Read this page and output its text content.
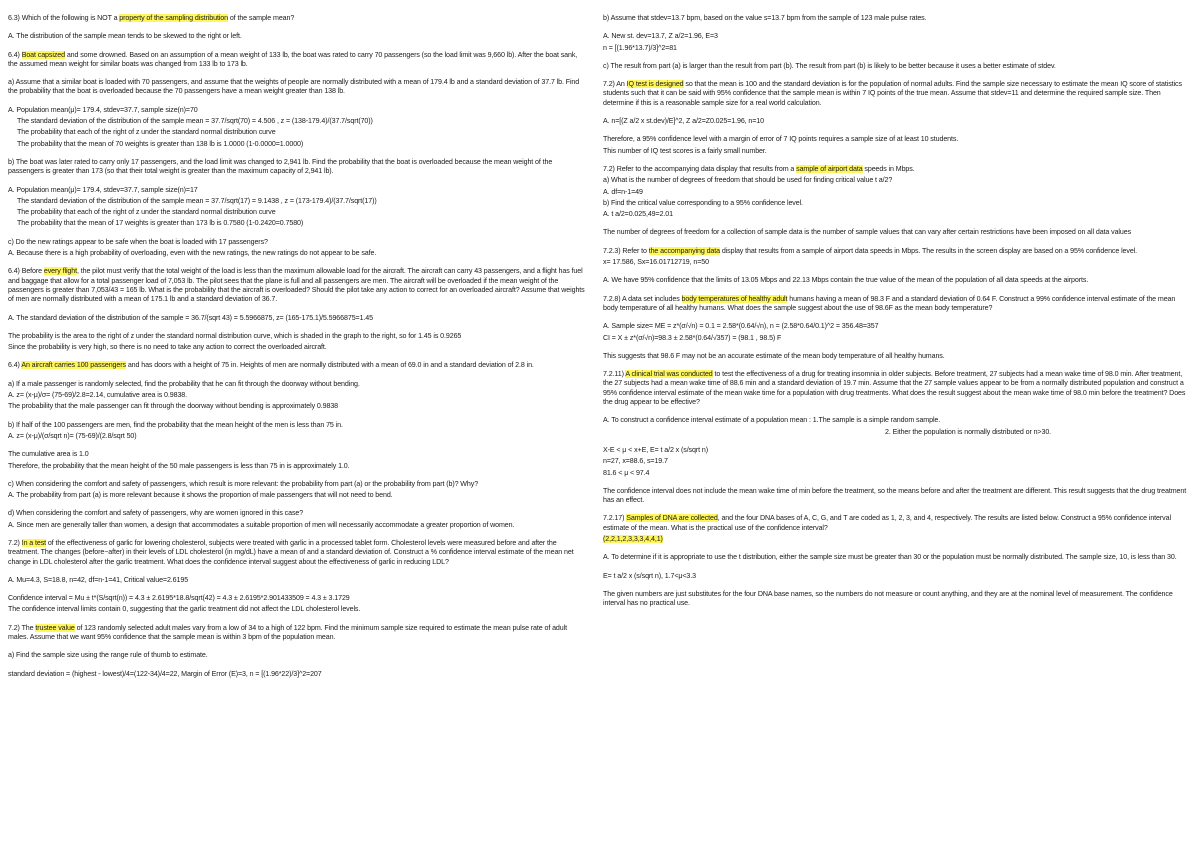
6.3) Which of the following is NOT a property of the sampling distribution of the sample mean?

A. The distribution of the sample mean tends to be skewed to the right or left.

6.4) Boat capsized and some drowned. Based on an assumption of a mean weight of 133 lb, the boat was rated to carry 70 passengers (so the load limit was 9,660 lb). After the boat sank, the assumed mean weight for similar boats was changed from 133 lb to 173 lb.

a) Assume that a similar boat is loaded with 70 passengers, and assume that the weights of people are normally distributed with a mean of 179.4 lb and a standard deviation of 37.7 lb. Find the probability that the boat is overloaded because the 70 passengers have a mean weight greater than 138 lb.

A. Population mean(μ)= 179.4, stdev=37.7, sample size(n)=70

The standard deviation of the distribution of the sample mean = 37.7/sqrt(70) = 4.506 , z = (138-179.4)/(37.7/sqrt(70))

The probability that each of the right of z under the standard normal distribution curve

The probability that the mean of 70 weights is greater than 138 lb is 1.0000 (1-0.0000=1.0000)

b) The boat was later rated to carry only 17 passengers, and the load limit was changed to 2,941 lb. Find the probability that the boat is overloaded because the mean weight of the passengers is greater than 173 (so that their total weight is greater than the maximum capacity of 2,941 lb).

A. Population mean(μ)= 179.4, stdev=37.7, sample size(n)=17

The standard deviation of the distribution of the sample mean = 37.7/sqrt(17) = 9.1438 , z = (173-179.4)/(37.7/sqrt(17))

The probability that each of the right of z under the standard normal distribution curve

The probability that the mean of 17 weights is greater than 173 lb is 0.7580 (1-0.2420=0.7580)

c) Do the new ratings appear to be safe when the boat is loaded with 17 passengers?

A. Because there is a high probability of overloading, even with the new ratings, the new ratings do not appear to be safe.

6.4) Before every flight, the pilot must verify that the total weight of the load is less than the maximum allowable load for the aircraft. The aircraft can carry 43 passengers, and a flight has fuel and baggage that allow for a total passenger load of 7,053 lb. The pilot sees that the plane is full and all passengers are men. The aircraft will be overloaded if the mean weight of the passengers is greater than 7,053/43 = 165 lb. What is the probability that the aircraft is overloaded? Should the pilot take any action to correct for an overloaded aircraft? Assume that weights of men are normally distributed with a mean of 175.1 lb and a standard deviation of 36.7.

A. The standard deviation of the distribution of the sample = 36.7/(sqrt 43) = 5.5966875, z= (165-175.1)/5.5966875=1.45

The probability is the area to the right of z under the standard normal distribution curve, which is shaded in the graph to the right, so for 1.45 is 0.9265

Since the probability is very high, so there is no need to take any action to correct the overloaded aircraft.

6.4) An aircraft carries 100 passengers and has doors with a height of 75 in. Heights of men are normally distributed with a mean of 69.0 in and a standard deviation of 2.8 in.

a) If a male passenger is randomly selected, find the probability that he can fit through the doorway without bending.

A. z= (x-μ)/σ= (75-69)/2.8=2.14, cumulative area is 0.9838.

The probability that the male passenger can fit through the doorway without bending is approximately 0.9838

b) If half of the 100 passengers are men, find the probability that the mean height of the men is less than 75 in.

A. z= (x-μ)/(σ/sqrt n)= (75-69)/(2.8/sqrt 50)

The cumulative area is 1.0

Therefore, the probability that the mean height of the 50 male passengers is less than 75 in is approximately 1.0.

c) When considering the comfort and safety of passengers, which result is more relevant: the probability from part (a) or the probability from part (b)? Why?

A. The probability from part (a) is more relevant because it shows the proportion of male passengers that will not need to bend.

d) When considering the comfort and safety of passengers, why are women ignored in this case?

A. Since men are generally taller than women, a design that accommodates a suitable proportion of men will necessarily accommodate a greater proportion of women.

7.2) In a test of the effectiveness of garlic for lowering cholesterol, subjects were treated with garlic in a processed tablet form. Cholesterol levels were measured before and after the treatment. The changes (before−after) in their levels of LDL cholesterol (in mg/dL) have a mean of and a standard deviation of. Construct a % confidence interval estimate of the mean net change in LDL cholesterol after the garlic treatment. What does the confidence interval suggest about the effectiveness of garlic in reducing LDL?

A. Mu=4.3, S=18.8, n=42, df=n-1=41, Critical value=2.6195

Confidence interval = Mu ± t*(S/sqrt(n)) = 4.3 ± 2.6195*18.8/sqrt(42) = 4.3 ± 2.6195*2.901433509 = 4.3 ± 3.1729

The confidence interval limits contain 0, suggesting that the garlic treatment did not affect the LDL cholesterol levels.

7.2) The trustee value of 123 randomly selected adult males vary from a low of 34 to a high of 122 bpm. Find the minimum sample size required to estimate the mean pulse rate of adult males. Assume that we want 95% confidence that the sample mean is within 3 bpm of the population mean.

a) Find the sample size using the range rule of thumb to estimate.

standard deviation = (highest - lowest)/4=(122-34)/4=22, Margin of Error (E)=3, n = [(1.96*22)/3]^2=207

b) Assume that stdev=13.7 bpm, based on the value s=13.7 bpm from the sample of 123 male pulse rates.

A. New st. dev=13.7, Z a/2=1.96, E=3

n = [(1.96*13.7)/3]^2=81

c) The result from part (a) is larger than the result from part (b). The result from part (b) is likely to be better because it uses a better estimate of stdev.

7.2) An IQ test is designed so that the mean is 100 and the standard deviation is for the population of normal adults. Find the sample size necessary to estimate the mean IQ score of statistics students such that it can be said with 95% confidence that the sample mean is within 7 IQ points of the true mean. Assume that stdev=11 and determine the required sample size. Then determine if this is a reasonable sample size for a real world calculation.

A. n=[(Z a/2 x st.dev)/E]^2, Z a/2=Z0.025=1.96, n=10

Therefore, a 95% confidence level with a margin of error of 7 IQ points requires a sample size of at least 10 students.

This number of IQ test scores is a fairly small number.

7.2) Refer to the accompanying data display that results from a sample of airport data speeds in Mbps.

a) What is the number of degrees of freedom that should be used for finding critical value t a/2?

A. df=n-1=49

b) Find the critical value corresponding to a 95% confidence level.

A. t a/2=0.025,49=2.01

The number of degrees of freedom for a collection of sample data is the number of sample values that can vary after certain restrictions have been imposed on all data values

7.2.3) Refer to the accompanying data display that results from a sample of airport data speeds in Mbps. The results in the screen display are based on a 95% confidence level.

x= 17.586, Sx=16.01712719, n=50

A. We have 95% confidence that the limits of 13.05 Mbps and 22.13 Mbps contain the true value of the mean of the population of all data speeds at the airports.

7.2.8) A data set includes body temperatures of healthy adult humans having a mean of 98.3 F and a standard deviation of 0.64 F. Construct a 99% confidence interval estimate of the mean body temperature of all healthy humans. What does the sample suggest about the use of 98.6F as the mean body temperature?

A. Sample size= ME = z*(σ/√n) = 0.1 = 2.58*(0.64/√n), n = (2.58*0.64/0.1)^2 = 356.48=357

CI = X ± z*(σ/√n)=98.3 ± 2.58*(0.64/√357) = (98.1 , 98.5) F

This suggests that 98.6 F may not be an accurate estimate of the mean body temperature of all healthy humans.

7.2.11) A clinical trial was conducted to test the effectiveness of a drug for treating insomnia in older subjects. Before treatment, 27 subjects had a mean wake time of 98.0 min. After treatment, the 27 subjects had a mean wake time of 88.6 min and a standard deviation of 19.7 min. Assume that the 27 sample values appear to be from a normally distributed population and construct a 95% confidence interval estimate of the mean wake time for a population with drug treatments. What does the result suggest about the mean wake time of 98.0 min before the treatment? Does the drug appear to be effective?

A. To construct a confidence interval estimate of a population mean : 1.The sample is a simple random sample.

2. Either the population is normally distributed or n>30.

X-E < μ < x+E, E= t a/2 x (s/sqrt n)

n=27, x=88.6, s=19.7

81.6 < μ < 97.4

The confidence interval does not include the mean wake time of min before the treatment, so the means before and after the treatment are different. This result suggests that the drug treatment has an effect.

7.2.17) Samples of DNA are collected, and the four DNA bases of A, C, G, and T are coded as 1, 2, 3, and 4, respectively. The results are listed below. Construct a 95% confidence interval estimate of the mean. What is the practical use of the confidence interval?

(2,2,1,2,3,3,3,4,4,1)

A. To determine if it is appropriate to use the t distribution, either the sample size must be greater than 30 or the population must be normally distributed. The sample size, 10, is less than 30.

E= t a/2 x (s/sqrt n), 1.7<μ<3.3

The given numbers are just substitutes for the four DNA base names, so the numbers do not measure or count anything, and they are at the nominal level of measurement. The confidence interval has no practical use.
